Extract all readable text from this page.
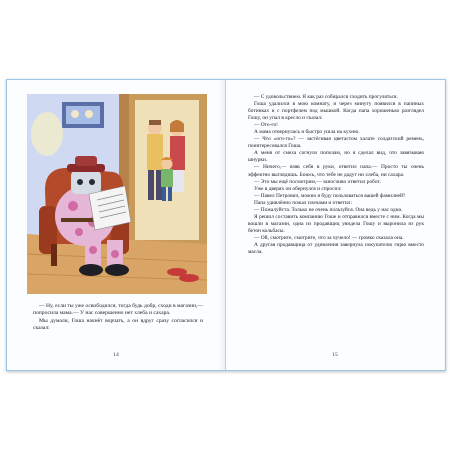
— Ну, если ты уже освободился, тогда будь добр, сходи в магазин,— попросила мама.— У нас совершенно нет хлеба и сахара.

Мы думали, Гоша начнёт ворчать, а он вдруг сразу согласился и сказал:

14

— С удовольствием. Я как раз собирался сходить прогуляться.

Гоша удалился в мою комнату, и через минуту появился в папиных ботинках и с портфелем под мышкой. Когда папа хорошенько разглядел Гошу, он упал в кресло и сказал:

— Ото-го!

А мама отвернулась и быстро ушла на кухню.

— Что «ого-го»? — застёгивая цветастом халате солдатский ремень, поинтересовался Гоша.

А меня от смеха согнуло пополам, но я сделал вид, что завязываю шнурки.

— Ничего,— взяв себя в руки, ответил папа.— Просто ты очень эффектно выглядишь. Боюсь, что тебе не дадут ни хлеба, ни сахара.

— Это мы ещё посмотрим,— заносчиво ответил робот.

Уже в дверях он обернулся и спросил:

— Павел Петрович, можно я буду пользоваться вашей фамилией?

Папа удивлённо пожал плечами и ответил:

— Пожалуйста. Только не очень пользуйся. Она ведь у нас одна.

Я решил составить компанию Гоше и отправился вместе с ним. Когда мы вошли в магазин, одна из продавщиц увидела Гошу и выронила из рук бетон кольбасы.

— Ой, смотрите, смотрите, что за чучело! — громко сказала она.

А другая продавщица от удивления завернула покупателю гирю вместо масла.

15
